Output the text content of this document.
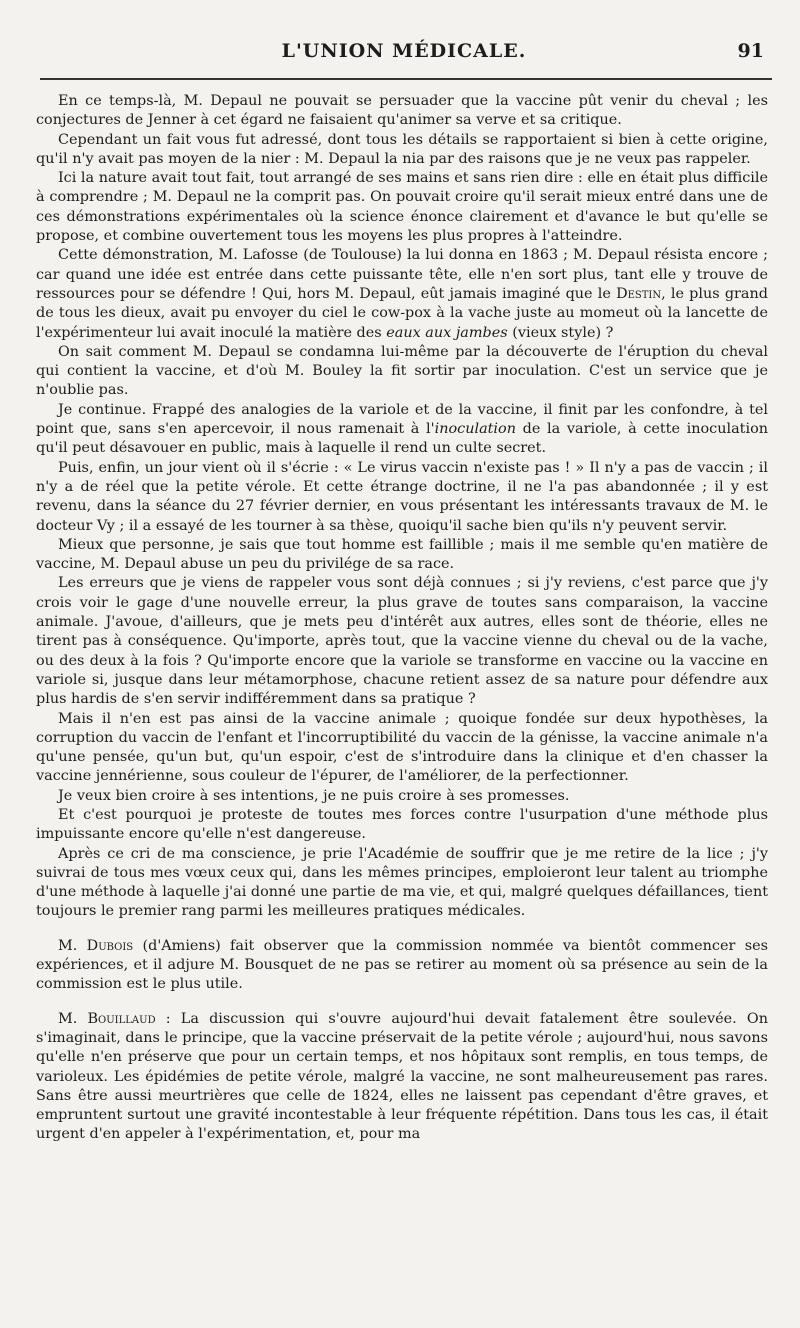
L'UNION MÉDICALE.	91

En ce temps-là, M. Depaul ne pouvait se persuader que la vaccine pût venir du cheval ; les conjectures de Jenner à cet égard ne faisaient qu'animer sa verve et sa critique.

Cependant un fait vous fut adressé, dont tous les détails se rapportaient si bien à cette origine, qu'il n'y avait pas moyen de la nier : M. Depaul la nia par des raisons que je ne veux pas rappeler.

Ici la nature avait tout fait, tout arrangé de ses mains et sans rien dire : elle en était plus difficile à comprendre ; M. Depaul ne la comprit pas. On pouvait croire qu'il serait mieux entré dans une de ces démonstrations expérimentales où la science énonce clairement et d'avance le but qu'elle se propose, et combine ouvertement tous les moyens les plus propres à l'atteindre.

Cette démonstration, M. Lafosse (de Toulouse) la lui donna en 1863 ; M. Depaul résista encore ; car quand une idée est entrée dans cette puissante tête, elle n'en sort plus, tant elle y trouve de ressources pour se défendre ! Qui, hors M. Depaul, eût jamais imaginé que le Destin, le plus grand de tous les dieux, avait pu envoyer du ciel le cow-pox à la vache juste au momeut où la lancette de l'expérimenteur lui avait inoculé la matière des eaux aux jambes (vieux style) ?

On sait comment M. Depaul se condamna lui-même par la découverte de l'éruption du cheval qui contient la vaccine, et d'où M. Bouley la fit sortir par inoculation. C'est un service que je n'oublie pas.

Je continue. Frappé des analogies de la variole et de la vaccine, il finit par les confondre, à tel point que, sans s'en apercevoir, il nous ramenait à l'inoculation de la variole, à cette inoculation qu'il peut désavouer en public, mais à laquelle il rend un culte secret.

Puis, enfin, un jour vient où il s'écrie : « Le virus vaccin n'existe pas ! » Il n'y a pas de vaccin ; il n'y a de réel que la petite vérole. Et cette étrange doctrine, il ne l'a pas abandonnée ; il y est revenu, dans la séance du 27 février dernier, en vous présentant les intéressants travaux de M. le docteur Vy ; il a essayé de les tourner à sa thèse, quoiqu'il sache bien qu'ils n'y peuvent servir.

Mieux que personne, je sais que tout homme est faillible ; mais il me semble qu'en matière de vaccine, M. Depaul abuse un peu du privilége de sa race.

Les erreurs que je viens de rappeler vous sont déjà connues ; si j'y reviens, c'est parce que j'y crois voir le gage d'une nouvelle erreur, la plus grave de toutes sans comparaison, la vaccine animale. J'avoue, d'ailleurs, que je mets peu d'intérêt aux autres, elles sont de théorie, elles ne tirent pas à conséquence. Qu'importe, après tout, que la vaccine vienne du cheval ou de la vache, ou des deux à la fois ? Qu'importe encore que la variole se transforme en vaccine ou la vaccine en variole si, jusque dans leur métamorphose, chacune retient assez de sa nature pour défendre aux plus hardis de s'en servir indifféremment dans sa pratique ?

Mais il n'en est pas ainsi de la vaccine animale ; quoique fondée sur deux hypothèses, la corruption du vaccin de l'enfant et l'incorruptibilité du vaccin de la génisse, la vaccine animale n'a qu'une pensée, qu'un but, qu'un espoir, c'est de s'introduire dans la clinique et d'en chasser la vaccine jennérienne, sous couleur de l'épurer, de l'améliorer, de la perfectionner.

Je veux bien croire à ses intentions, je ne puis croire à ses promesses.

Et c'est pourquoi je proteste de toutes mes forces contre l'usurpation d'une méthode plus impuissante encore qu'elle n'est dangereuse.

Après ce cri de ma conscience, je prie l'Académie de souffrir que je me retire de la lice ; j'y suivrai de tous mes vœux ceux qui, dans les mêmes principes, emploieront leur talent au triomphe d'une méthode à laquelle j'ai donné une partie de ma vie, et qui, malgré quelques défaillances, tient toujours le premier rang parmi les meilleures pratiques médicales.

M. Dubois (d'Amiens) fait observer que la commission nommée va bientôt commencer ses expériences, et il adjure M. Bousquet de ne pas se retirer au moment où sa présence au sein de la commission est le plus utile.

M. Bouillaud : La discussion qui s'ouvre aujourd'hui devait fatalement être soulevée. On s'imaginait, dans le principe, que la vaccine préservait de la petite vérole ; aujourd'hui, nous savons qu'elle n'en préserve que pour un certain temps, et nos hôpitaux sont remplis, en tous temps, de varioleux. Les épidémies de petite vérole, malgré la vaccine, ne sont malheureusement pas rares. Sans être aussi meurtrières que celle de 1824, elles ne laissent pas cependant d'être graves, et empruntent surtout une gravité incontestable à leur fréquente répétition. Dans tous les cas, il était urgent d'en appeler à l'expérimentation, et, pour ma
